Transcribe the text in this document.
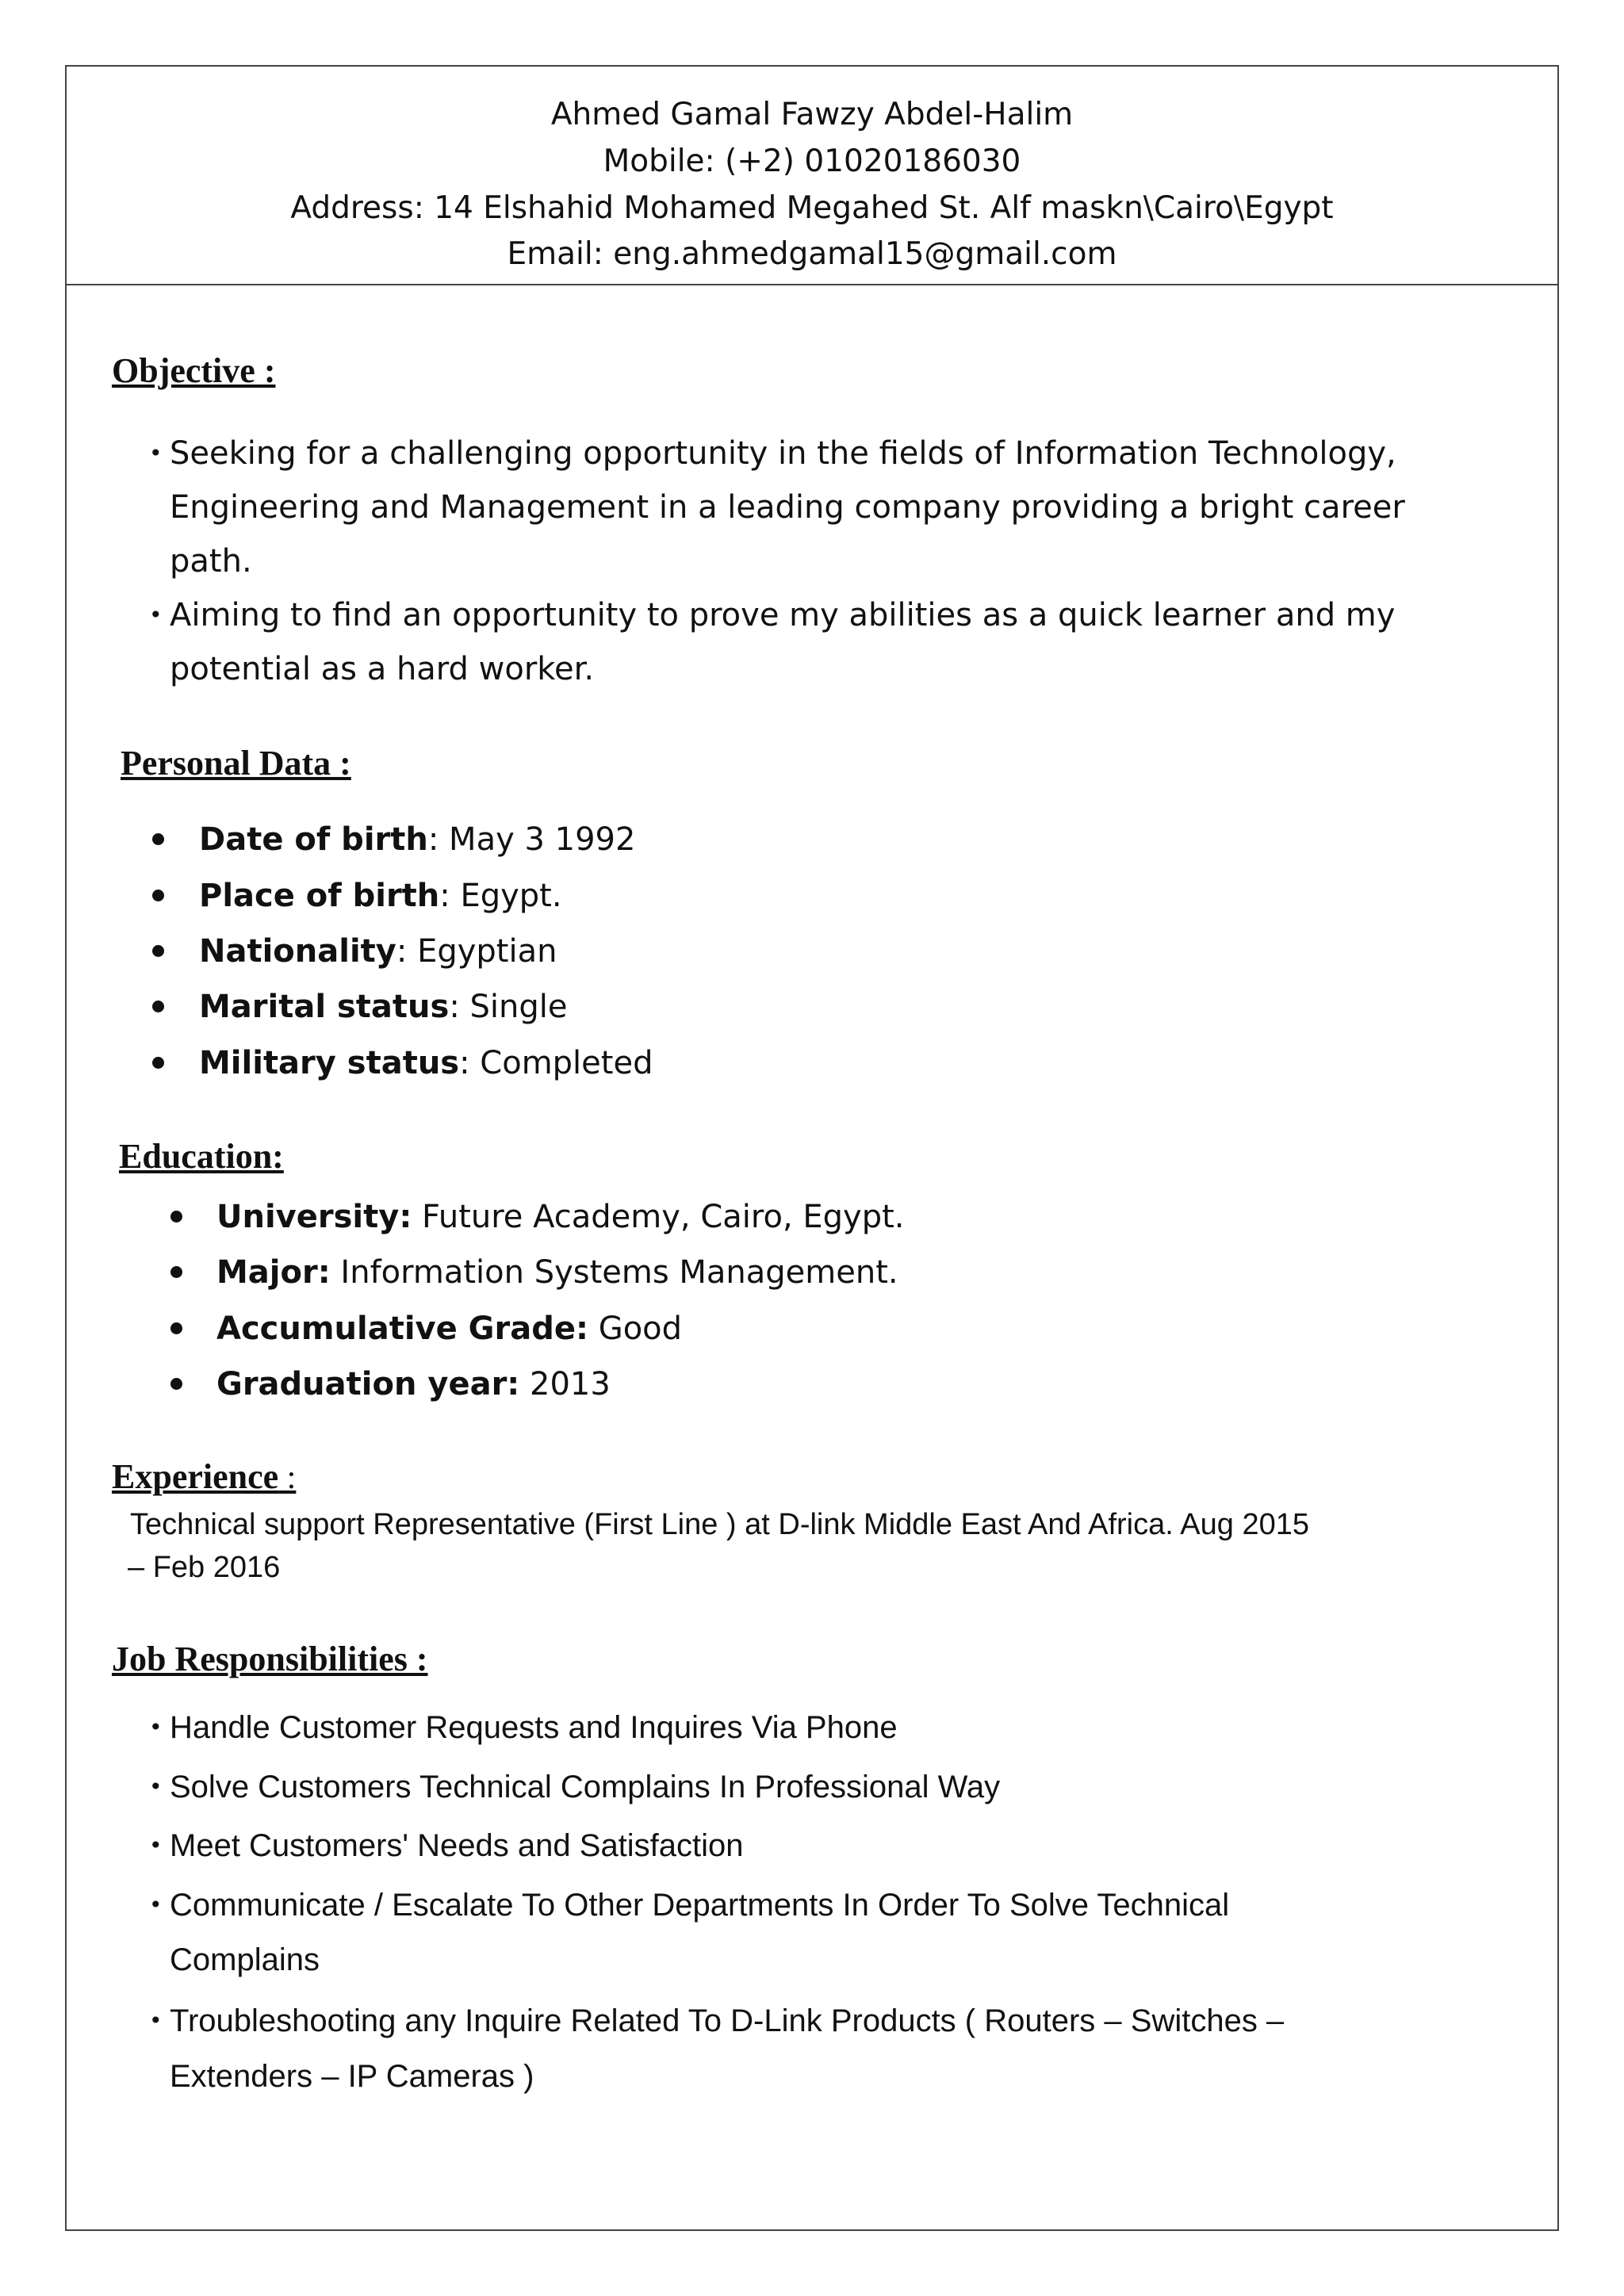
Ahmed Gamal Fawzy Abdel-Halim
Mobile: (+2) 01020186030
Address: 14 Elshahid Mohamed Megahed St. Alf maskn\Cairo\Egypt
Email: eng.ahmedgamal15@gmail.com
Objective :
• Seeking for a challenging opportunity in the fields of Information Technology,
Engineering and Management in a leading company providing a bright career
path.
• Aiming to find an opportunity to prove my abilities as a quick learner and my
potential as a hard worker.
Personal Data :
Date of birth: May 3 1992
Place of birth: Egypt.
Nationality: Egyptian
Marital status: Single
Military status: Completed
Education:
University: Future Academy, Cairo, Egypt.
Major: Information Systems Management.
Accumulative Grade: Good
Graduation year: 2013
Experience :
Technical support Representative (First Line ) at D-link Middle East And Africa. Aug 2015
– Feb 2016
Job Responsibilities :
• Handle Customer Requests and Inquires Via Phone
• Solve Customers Technical Complains In Professional Way
• Meet Customers' Needs and Satisfaction
• Communicate / Escalate To Other Departments In Order To Solve Technical
Complains
• Troubleshooting any Inquire Related To D-Link Products ( Routers – Switches –
Extenders – IP Cameras )
